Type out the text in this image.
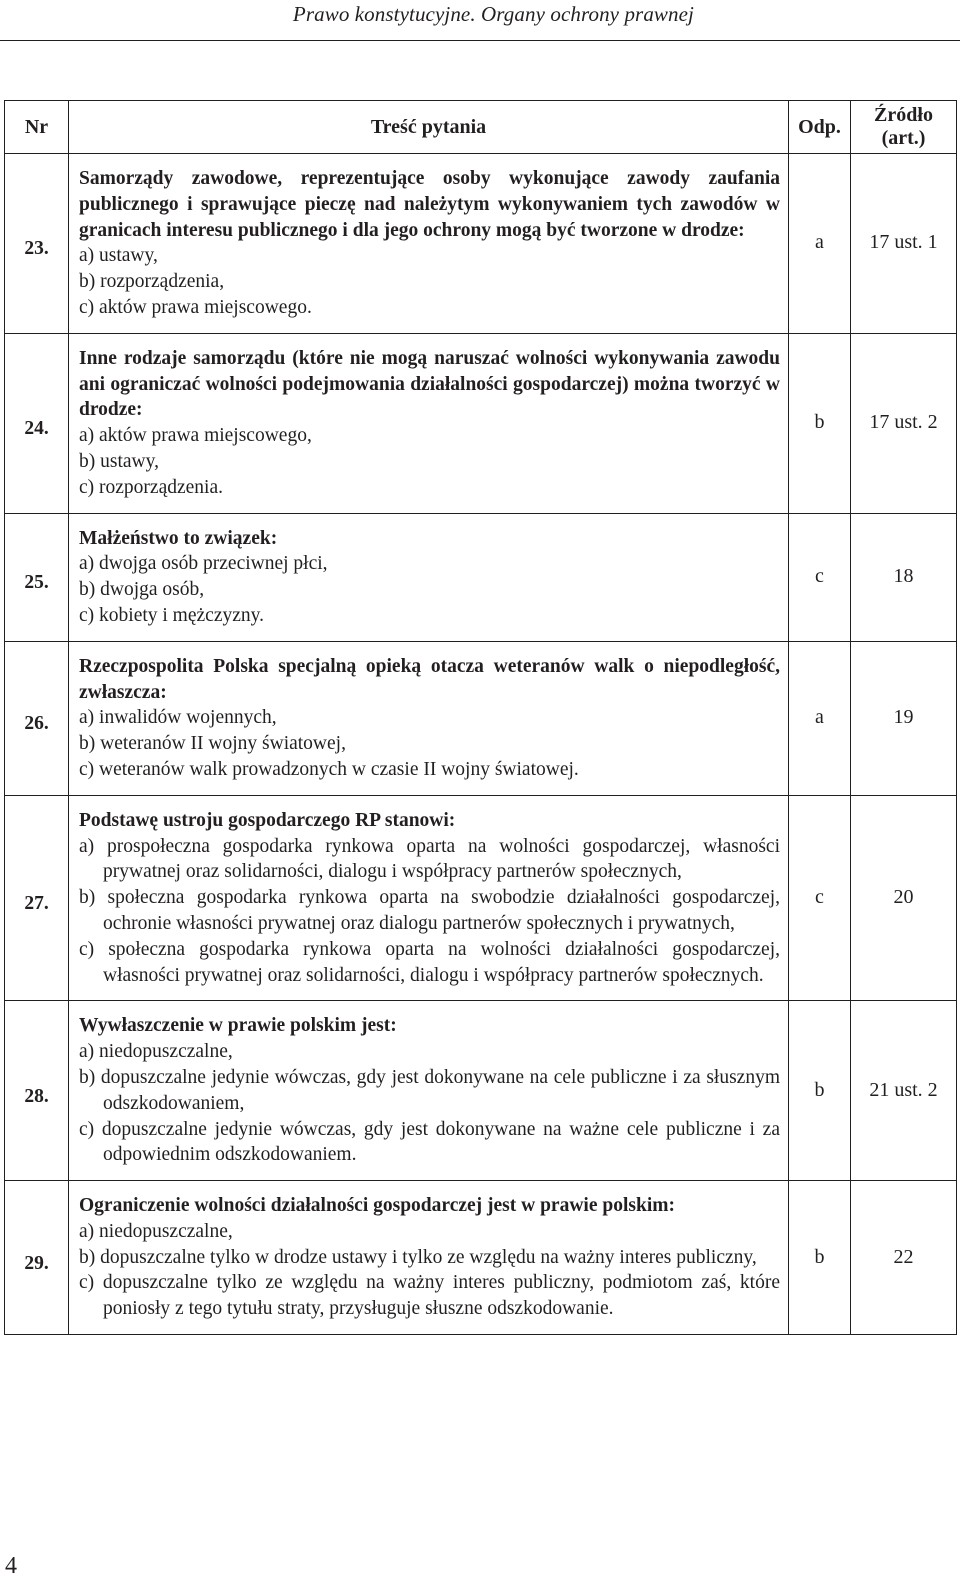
Prawo konstytucyjne. Organy ochrony prawnej
Nr	Treść pytania	Odp.	Źródło (art.)
23.	Samorządy zawodowe, reprezentujące osoby wykonujące zawody zaufania publicznego i sprawujące pieczę nad należytym wykonywaniem tych zawodów w granicach interesu publicznego i dla jego ochrony mogą być tworzone w drodze:
a) ustawy,
b) rozporządzenia,
c) aktów prawa miejscowego.	a	17 ust. 1
24.	Inne rodzaje samorządu (które nie mogą naruszać wolności wykonywania zawodu ani ograniczać wolności podejmowania działalności gospodarczej) można tworzyć w drodze:
a) aktów prawa miejscowego,
b) ustawy,
c) rozporządzenia.	b	17 ust. 2
25.	Małżeństwo to związek:
a) dwojga osób przeciwnej płci,
b) dwojga osób,
c) kobiety i mężczyzny.	c	18
26.	Rzeczpospolita Polska specjalną opieką otacza weteranów walk o niepodległość, zwłaszcza:
a) inwalidów wojennych,
b) weteranów II wojny światowej,
c) weteranów walk prowadzonych w czasie II wojny światowej.	a	19
27.	Podstawę ustroju gospodarczego RP stanowi:
a) prospołeczna gospodarka rynkowa oparta na wolności gospodarczej, własności prywatnej oraz solidarności, dialogu i współpracy partnerów społecznych,
b) społeczna gospodarka rynkowa oparta na swobodzie działalności gospodarczej, ochronie własności prywatnej oraz dialogu partnerów społecznych i prywatnych,
c) społeczna gospodarka rynkowa oparta na wolności działalności gospodarczej, własności prywatnej oraz solidarności, dialogu i współpracy partnerów społecznych.	c	20
28.	Wywłaszczenie w prawie polskim jest:
a) niedopuszczalne,
b) dopuszczalne jedynie wówczas, gdy jest dokonywane na cele publiczne i za słusznym odszkodowaniem,
c) dopuszczalne jedynie wówczas, gdy jest dokonywane na ważne cele publiczne i za odpowiednim odszkodowaniem.	b	21 ust. 2
29.	Ograniczenie wolności działalności gospodarczej jest w prawie polskim:
a) niedopuszczalne,
b) dopuszczalne tylko w drodze ustawy i tylko ze względu na ważny interes publiczny,
c) dopuszczalne tylko ze względu na ważny interes publiczny, podmiotom zaś, które poniosły z tego tytułu straty, przysługuje słuszne odszkodowanie.	b	22
4
